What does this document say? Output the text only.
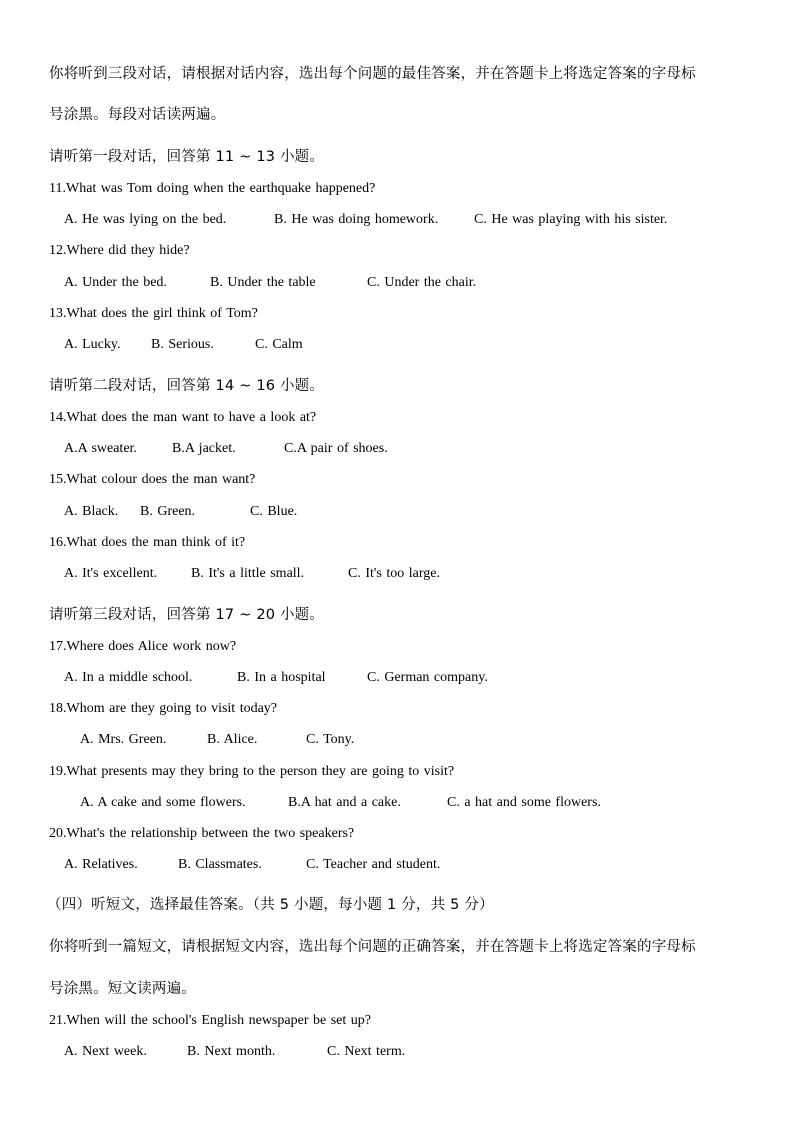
你将听到三段对话，请根据对话内容，选出每个问题的最佳答案，并在答题卡上将选定答案的字母标
号涂黑。每段对话读两遍。
请听第一段对话，回答第 11 ~ 13 小题。
11.What was Tom doing when the earthquake happened?
A. He was lying on the bed.	B. He was doing homework.	C. He was playing with his sister.
12.Where did they hide?
A. Under the bed.	B. Under the table	C. Under the chair.
13.What does the girl think of Tom?
A. Lucky. B. Serious.	C. Calm
请听第二段对话，回答第 14 ~ 16 小题。
14.What does the man want to have a look at?
A.A sweater.	B.A jacket.	C.A pair of shoes.
15.What colour does the man want?
A. Black. B. Green.	C. Blue.
16.What does the man think of it?
A. It's excellent. B. It's a little small.	C. It's too large.
请听第三段对话，回答第 17 ~ 20 小题。
17.Where does Alice work now?
A. In a middle school.	B. In a hospital	C. German company.
18.Whom are they going to visit today?
A. Mrs. Green.	B. Alice.	C. Tony.
19.What presents may they bring to the person they are going to visit?
A. A cake and some flowers.	B.A hat and a cake.	C. a hat and some flowers.
20.What's the relationship between the two speakers?
A. Relatives.	B. Classmates.	C. Teacher and student.
（四）听短文，选择最佳答案。（共 5 小题，每小题 1 分，共 5 分）
你将听到一篇短文，请根据短文内容，选出每个问题的正确答案，并在答题卡上将选定答案的字母标
号涂黑。短文读两遍。
21.When will the school's English newspaper be set up?
A. Next week.	B. Next month.	C. Next term.
